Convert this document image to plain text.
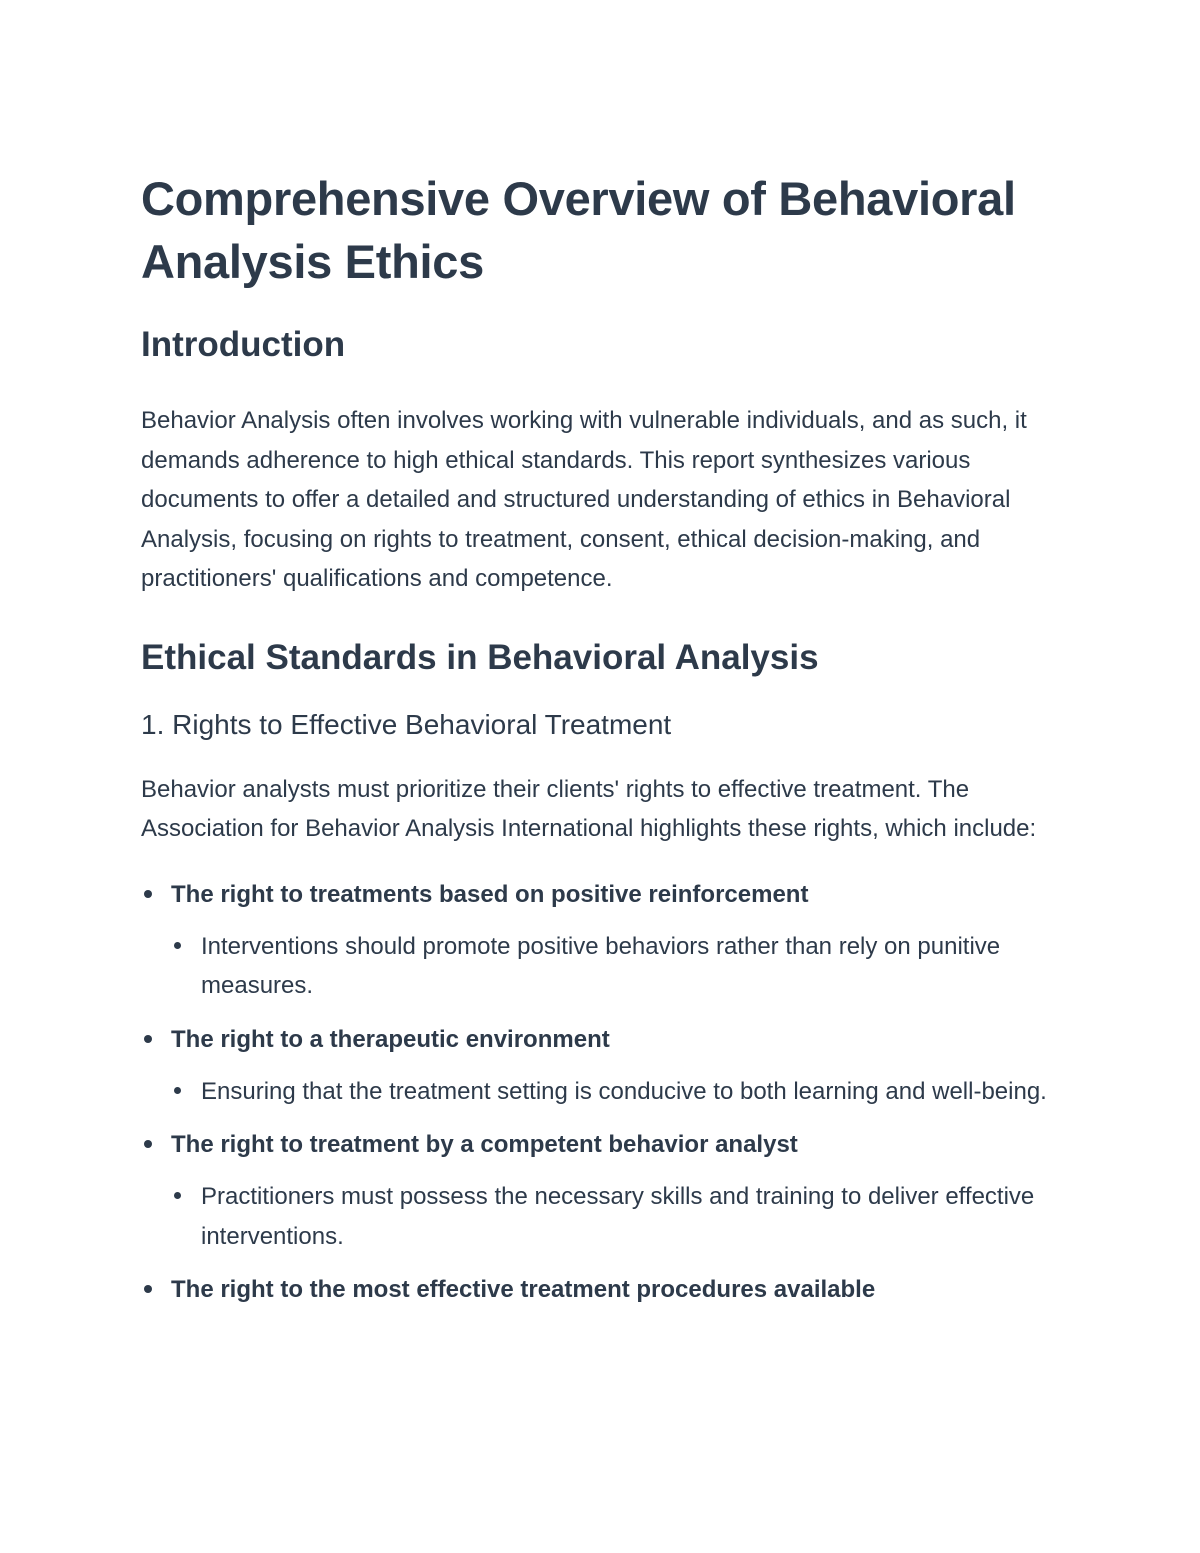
Comprehensive Overview of Behavioral Analysis Ethics
Introduction

Behavior Analysis often involves working with vulnerable individuals, and as such, it demands adherence to high ethical standards. This report synthesizes various documents to offer a detailed and structured understanding of ethics in Behavioral Analysis, focusing on rights to treatment, consent, ethical decision-making, and practitioners' qualifications and competence.

Ethical Standards in Behavioral Analysis
1. Rights to Effective Behavioral Treatment

Behavior analysts must prioritize their clients' rights to effective treatment. The Association for Behavior Analysis International highlights these rights, which include:

The right to treatments based on positive reinforcement
Interventions should promote positive behaviors rather than rely on punitive measures.
The right to a therapeutic environment
Ensuring that the treatment setting is conducive to both learning and well-being.
The right to treatment by a competent behavior analyst
Practitioners must possess the necessary skills and training to deliver effective interventions.
The right to the most effective treatment procedures available
